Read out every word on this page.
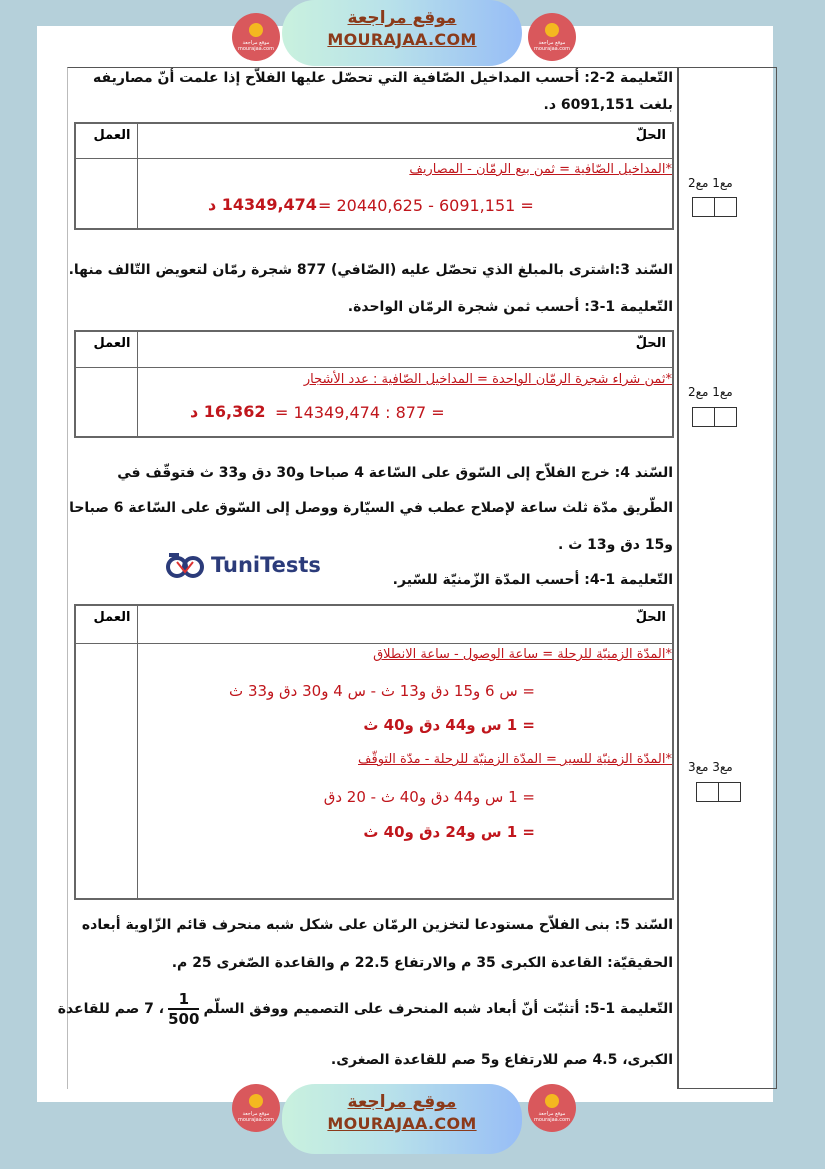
موقع مراجعة
mourajaa.com
موقع مراجعة
MOURAJAA.COM	موقع مراجعة
mourajaa.com
التّعليمة 2-2: أحسب المداخيل الصّافية التي تحصّل عليها الفلاّح إذا علمت أنّ مصاريفه
بلغت 6091,151 د.
العمل	الحلّ

*المداخيل الصّافية = ثمن بيع الرمّان - المصاريف
14349,474 د = 20440,625 - 6091,151 =
مع1 مع2
السّند 3:اشترى بالمبلغ الذي تحصّل عليه (الصّافي) 877 شجرة رمّان لتعويض التّالف منها.
التّعليمة 1-3: أحسب ثمن شجرة الرمّان الواحدة.
العمل	الحلّ

*ثمن شراء شجرة الرمّان الواحدة = المداخيل الصّافية : عدد الأشجار
16,362 د = 14349,474 : 877 =
مع1 مع2
السّند 4: خرج الفلاّح إلى السّوق على السّاعة 4 صباحا و30 دق و33 ث فتوقّف في
الطّريق مدّة ثلث ساعة لإصلاح عطب في السيّارة ووصل إلى السّوق على السّاعة 6 صباحا
و15 دق و13 ث .
التّعليمة 1-4: أحسب المدّة الزّمنيّة للسّير.
TuniTests
العمل	الحلّ

*المدّة الزمنيّة للرحلة = ساعة الوصول - ساعة الانطلاق
= س 6 و15 دق و13 ث - س 4 و30 دق و33 ث
= 1 س و44 دق و40 ث
*المدّة الزمنيّة للسير = المدّة الزمنيّة للرحلة - مدّة التوقّف
= 1 س و44 دق و40 ث - 20 دق
= 1 س و24 دق و40 ث
مع3 مع3
السّند 5: بنى الفلاّح مستودعا لتخزين الرمّان على شكل شبه منحرف قائم الزّاوية أبعاده
الحقيقيّة: القاعدة الكبرى 35 م والارتفاع 22.5 م والقاعدة الصّغرى 25 م.
التّعليمة 1-5: أتثبّت أنّ أبعاد شبه المنحرف على التصميم ووفق السلّم
$\frac{1}{500}$
، 7 صم للقاعدة
الكبرى، 4.5 صم للارتفاع و5 صم للقاعدة الصغرى.
موقع مراجعة
mourajaa.com
موقع مراجعة
MOURAJAA.COM	موقع مراجعة
mourajaa.com
